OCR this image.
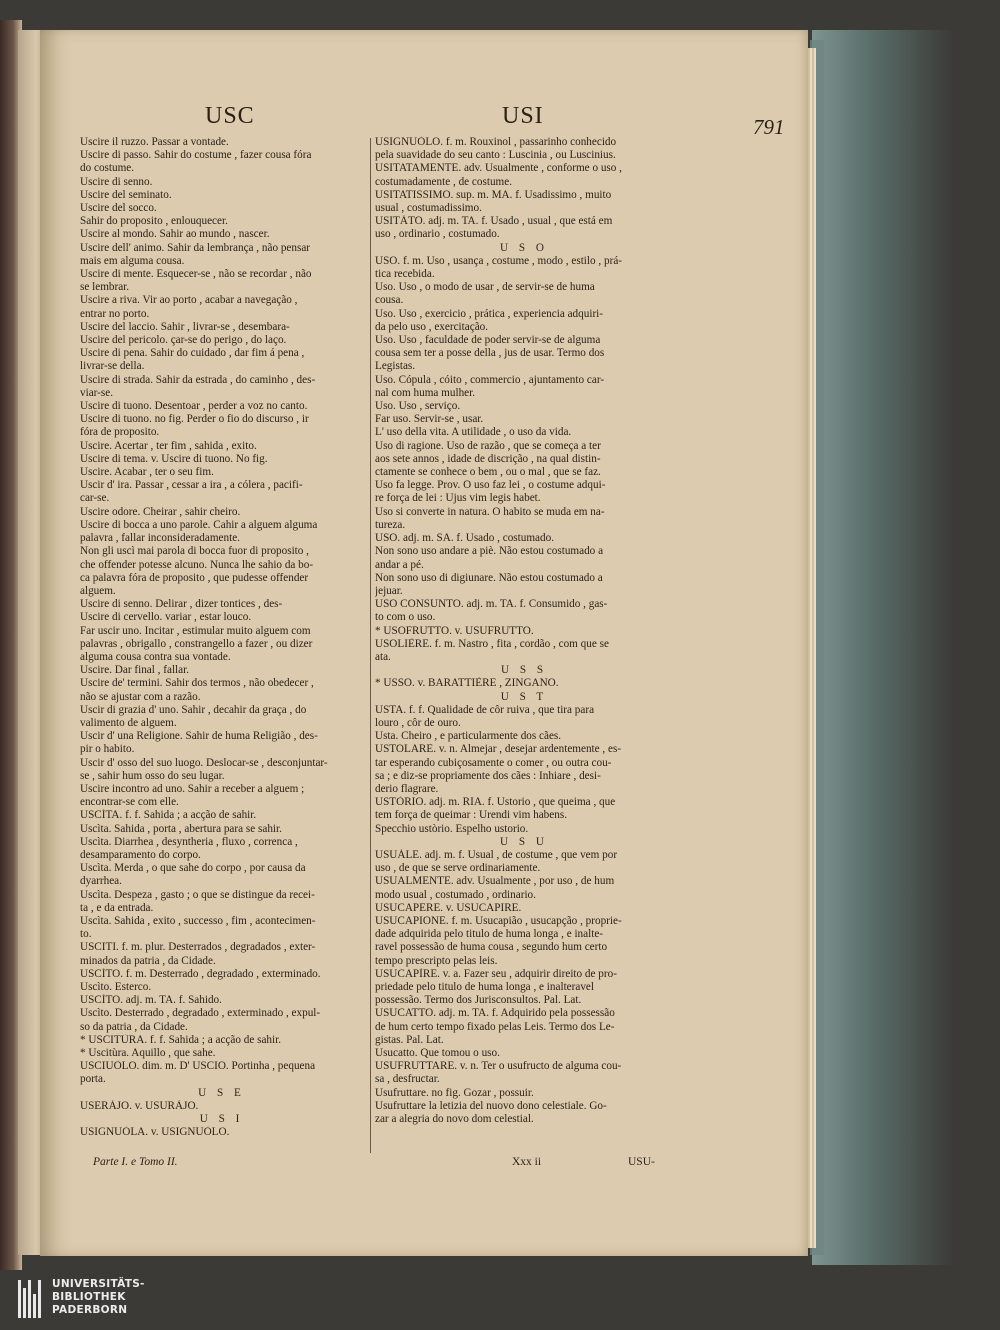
USC	USI	791
Uscire il ruzzo. Passar a vontade.
Uscire di passo. Sahir do costume , fazer cousa fóra
do costume.
Uscire di senno.
Uscire del seminato.
Uscire del socco.
Sahir do proposito , enlouquecer.
Uscire al mondo. Sahir ao mundo , nascer.
Uscire dell' animo. Sahir da lembrança , não pensar
mais em alguma cousa.
Uscire di mente. Esquecer-se , não se recordar , não
se lembrar.
Uscire a riva. Vir ao porto , acabar a navegação ,
entrar no porto.
Uscire del laccio. Sahir , livrar-se , desembara-
Uscire del pericolo. çar-se do perigo , do laço.
Uscire di pena. Sahir do cuidado , dar fim á pena ,
livrar-se della.
Uscire di strada. Sahir da estrada , do caminho , des-
viar-se.
Uscire di tuono. Desentoar , perder a voz no canto.
Uscire di tuono. no fig. Perder o fio do discurso , ir
fóra de proposito.
Uscire. Acertar , ter fim , sahida , exito.
Uscire di tema. v. Uscire di tuono. No fig.
Uscire. Acabar , ter o seu fim.
Uscir d' ira. Passar , cessar a ira , a cólera , pacifi-
car-se.
Uscire odore. Cheirar , sahir cheiro.
Uscire di bocca a uno parole. Cahir a alguem alguma
palavra , fallar inconsideradamente.
Non gli uscì mai parola di bocca fuor di proposito ,
che offender potesse alcuno. Nunca lhe sahio da bo-
ca palavra fóra de proposito , que pudesse offender
alguem.
Uscire di senno. Delirar , dizer tontices , des-
Uscire di cervello. variar , estar louco.
Far uscir uno. Incitar , estimular muito alguem com
palavras , obrigallo , constrangello a fazer , ou dizer
alguma cousa contra sua vontade.
Uscire. Dar final , fallar.
Uscire de' termini. Sahir dos termos , não obedecer ,
não se ajustar com a razão.
Uscir di grazia d' uno. Sahir , decahir da graça , do
valimento de alguem.
Uscir d' una Religione. Sahir de huma Religião , des-
pir o habito.
Uscir d' osso del suo luogo. Deslocar-se , desconjuntar-
se , sahir hum osso do seu lugar.
Uscire incontro ad uno. Sahir a receber a alguem ;
encontrar-se com elle.
USCÌTA. f. f. Sahida ; a acção de sahir.
Uscìta. Sahida , porta , abertura para se sahir.
Uscìta. Diarrhea , desyntheria , fluxo , correnca ,
desamparamento do corpo.
Uscìta. Merda , o que sahe do corpo , por causa da
dyarrhea.
Uscìta. Despeza , gasto ; o que se distingue da recei-
ta , e da entrada.
Uscìta. Sahida , exito , successo , fim , acontecimen-
to.
USCITI. f. m. plur. Desterrados , degradados , exter-
minados da patria , da Cidade.
USCÌTO. f. m. Desterrado , degradado , exterminado.
Uscìto. Esterco.
USCÌTO. adj. m. TA. f. Sahido.
Uscìto. Desterrado , degradado , exterminado , expul-
so da patria , da Cidade.
* USCITÙRA. f. f. Sahida ; a acção de sahir.
* Uscitùra. Aquillo , que sahe.
USCIUÒLO. dim. m. D' USCIO. Portinha , pequena
porta.
U S E
USERÀJO. v. USURÀJO.
U S I
USIGNUÒLA. v. USIGNUÒLO.
USIGNUÒLO. f. m. Rouxinol , passarinho conhecido
pela suavidade do seu canto : Luscinia , ou Luscinius.
USITATAMENTE. adv. Usualmente , conforme o uso ,
costumadamente , de costume.
USITATISSIMO. sup. m. MA. f. Usadissimo , muito
usual , costumadissimo.
USITÀTO. adj. m. TA. f. Usado , usual , que está em
uso , ordinario , costumado.
U S O
USO. f. m. Uso , usança , costume , modo , estilo , prá-
tica recebida.
Uso. Uso , o modo de usar , de servir-se de huma
cousa.
Uso. Uso , exercicio , prática , experiencia adquiri-
da pelo uso , exercitação.
Uso. Uso , faculdade de poder servir-se de alguma
cousa sem ter a posse della , jus de usar. Termo dos
Legistas.
Uso. Cópula , cóito , commercio , ajuntamento car-
nal com huma mulher.
Uso. Uso , serviço.
Far uso. Servir-se , usar.
L' uso della vita. A utilidade , o uso da vida.
Uso di ragione. Uso de razão , que se começa a ter
aos sete annos , idade de discrição , na qual distin-
ctamente se conhece o bem , ou o mal , que se faz.
Uso fa legge. Prov. O uso faz lei , o costume adqui-
re força de lei : Ujus vim legis habet.
Uso si converte in natura. O habito se muda em na-
tureza.
USO. adj. m. SA. f. Usado , costumado.
Non sono uso andare a piè. Não estou costumado a
andar a pé.
Non sono uso di digiunare. Não estou costumado a
jejuar.
USO CONSUNTO. adj. m. TA. f. Consumido , gas-
to com o uso.
* USOFRUTTO. v. USUFRUTTO.
USOLIÈRE. f. m. Nastro , fita , cordão , com que se
ata.
U S S
* USSO. v. BARATTIÈRE , ZINGANO.
U S T
USTA. f. f. Qualidade de côr ruiva , que tira para
louro , côr de ouro.
Usta. Cheiro , e particularmente dos cães.
USTOLARE. v. n. Almejar , desejar ardentemente , es-
tar esperando cubiçosamente o comer , ou outra cou-
sa ; e diz-se propriamente dos cães : Inhiare , desi-
derio flagrare.
USTÒRIO. adj. m. RIA. f. Ustorio , que queima , que
tem força de queimar : Urendi vim habens.
Specchio ustòrio. Espelho ustorio.
U S U
USUÀLE. adj. m. f. Usual , de costume , que vem por
uso , de que se serve ordinariamente.
USUALMENTE. adv. Usualmente , por uso , de hum
modo usual , costumado , ordinario.
USUCAPERE. v. USUCAPIRE.
USUCAPIONE. f. m. Usucapião , usucapção , proprie-
dade adquirida pelo titulo de huma longa , e inalte-
ravel possessão de huma cousa , segundo hum certo
tempo prescripto pelas leis.
USUCAPÌRE. v. a. Fazer seu , adquirir direito de pro-
priedade pelo titulo de huma longa , e inalteravel
possessão. Termo dos Jurisconsultos. Pal. Lat.
USUCATTO. adj. m. TA. f. Adquirido pela possessão
de hum certo tempo fixado pelas Leis. Termo dos Le-
gistas. Pal. Lat.
Usucatto. Que tomou o uso.
USUFRUTTARE. v. n. Ter o usufructo de alguma cou-
sa , desfructar.
Usufruttare. no fig. Gozar , possuir.
Usufruttare la letizia del nuovo dono celestiale. Go-
zar a alegria do novo dom celestial.
Parte I. e Tomo II.	Xxx ii	USU-
UNIVERSITÄTS-
BIBLIOTHEK
PADERBORN
